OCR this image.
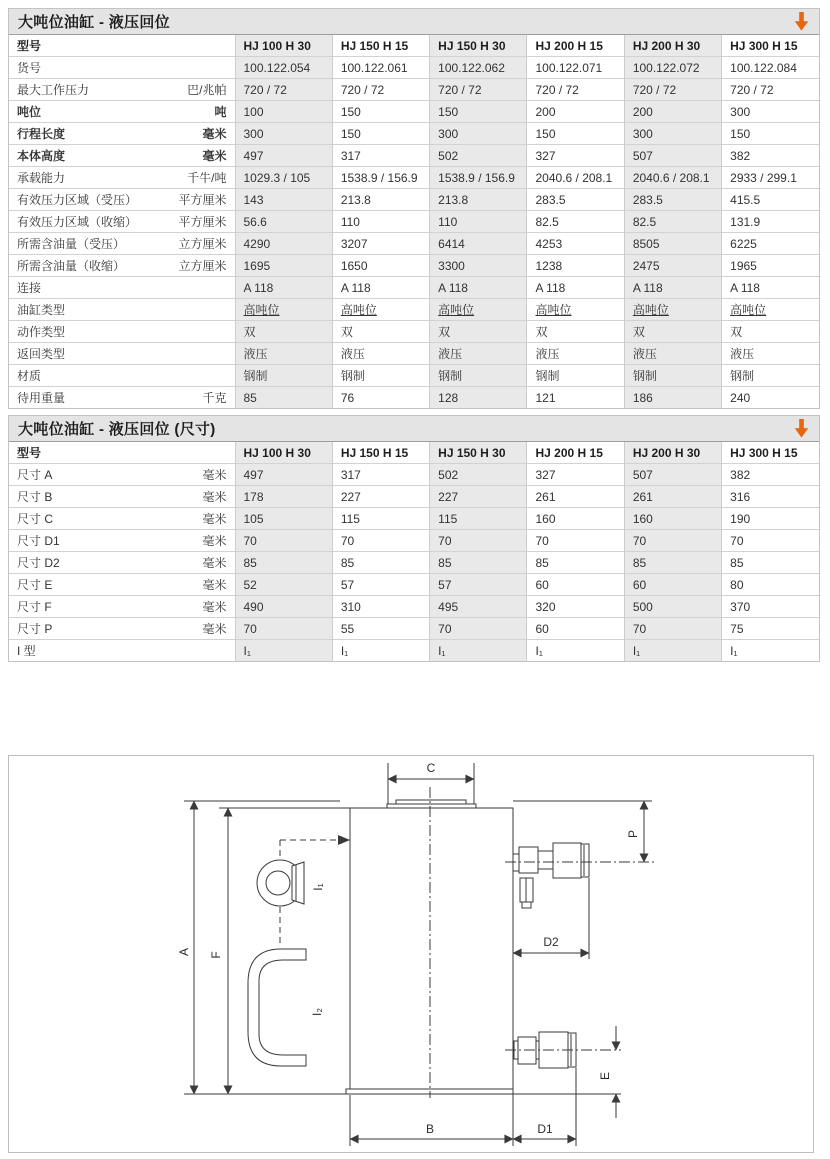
大吨位油缸 - 液压回位
型号	HJ 100 H 30	HJ 150 H 15	HJ 150 H 30	HJ 200 H 15	HJ 200 H 30	HJ 300 H 15

货号	100.122.054	100.122.061	100.122.062	100.122.071	100.122.072	100.122.084

最大工作压力 巴/兆帕	720 / 72	720 / 72	720 / 72	720 / 72	720 / 72	720 / 72

吨位 吨	100	150	150	200	200	300

行程长度 毫米	300	150	300	150	300	150

本体高度 毫米	497	317	502	327	507	382

承载能力 千牛/吨	1029.3 / 105	1538.9 / 156.9	1538.9 / 156.9	2040.6 / 208.1	2040.6 / 208.1	2933 / 299.1

有效压力区域（受压） 平方厘米	143	213.8	213.8	283.5	283.5	415.5

有效压力区域（收缩） 平方厘米	56.6	110	110	82.5	82.5	131.9

所需含油量（受压） 立方厘米	4290	3207	6414	4253	8505	6225

所需含油量（收缩） 立方厘米	1695	1650	3300	1238	2475	1965

连接	A 118	A 118	A 118	A 118	A 118	A 118

油缸类型	高吨位	高吨位	高吨位	高吨位	高吨位	高吨位

动作类型	双	双	双	双	双	双

返回类型	液压	液压	液压	液压	液压	液压

材质	钢制	钢制	钢制	钢制	钢制	钢制

待用重量 千克	85	76	128	121	186	240
大吨位油缸 - 液压回位 (尺寸)
型号	HJ 100 H 30	HJ 150 H 15	HJ 150 H 30	HJ 200 H 15	HJ 200 H 30	HJ 300 H 15

尺寸 A 毫米	497	317	502	327	507	382

尺寸 B 毫米	178	227	227	261	261	316

尺寸 C 毫米	105	115	115	160	160	190

尺寸 D1 毫米	70	70	70	70	70	70

尺寸 D2 毫米	85	85	85	85	85	85

尺寸 E 毫米	52	57	57	60	60	80

尺寸 F 毫米	490	310	495	320	500	370

尺寸 P 毫米	70	55	70	60	70	75

I 型	I₁	I₁	I₁	I₁	I₁	I₁
C
A F
I₁
I₂
P
D2
E
B	D1
